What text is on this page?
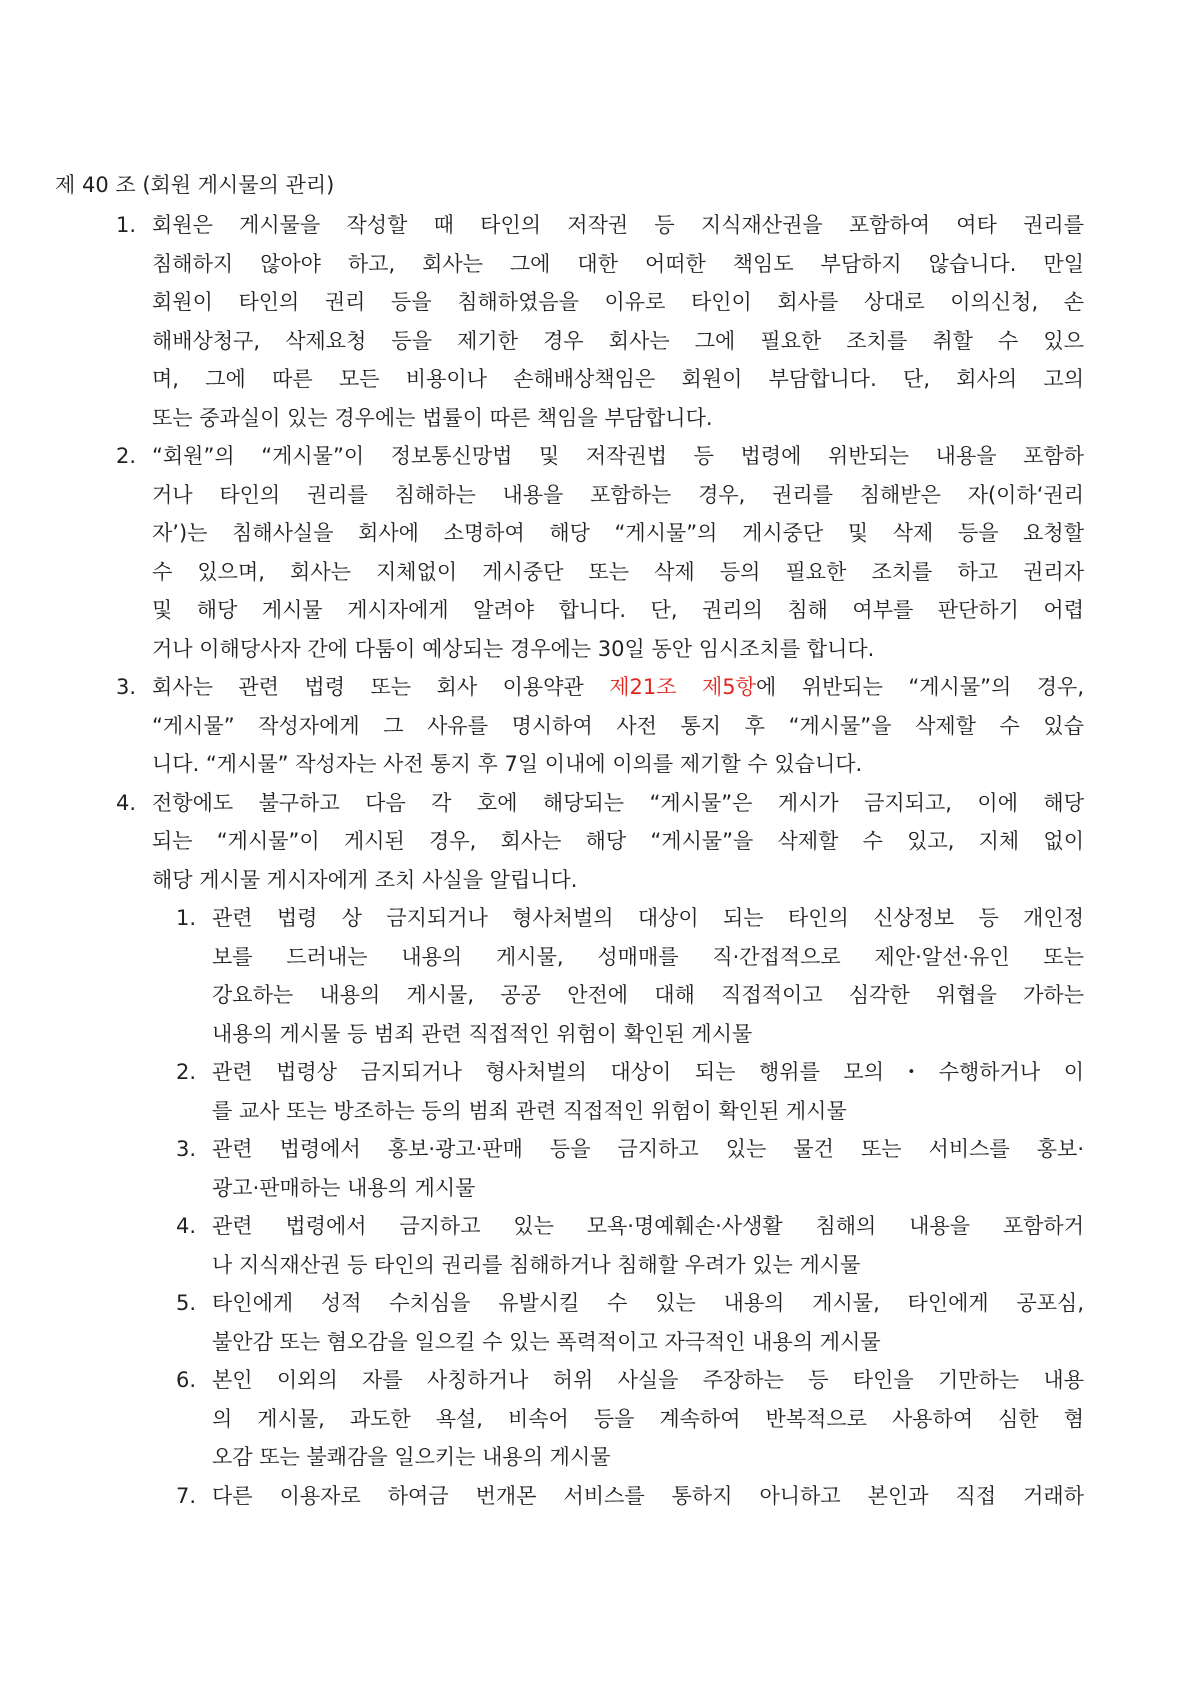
제 40 조 (회원 게시물의 관리)
1. 회원은 게시물을 작성할 때 타인의 저작권 등 지식재산권을 포함하여 여타 권리를
침해하지 않아야 하고, 회사는 그에 대한 어떠한 책임도 부담하지 않습니다. 만일
회원이 타인의 권리 등을 침해하였음을 이유로 타인이 회사를 상대로 이의신청, 손
해배상청구, 삭제요청 등을 제기한 경우 회사는 그에 필요한 조치를 취할 수 있으
며, 그에 따른 모든 비용이나 손해배상책임은 회원이 부담합니다. 단, 회사의 고의
또는 중과실이 있는 경우에는 법률이 따른 책임을 부담합니다.
2. “회원”의 “게시물”이 정보통신망법 및 저작권법 등 법령에 위반되는 내용을 포함하
거나 타인의 권리를 침해하는 내용을 포함하는 경우, 권리를 침해받은 자(이하‘권리
자’)는 침해사실을 회사에 소명하여 해당 “게시물”의 게시중단 및 삭제 등을 요청할
수 있으며, 회사는 지체없이 게시중단 또는 삭제 등의 필요한 조치를 하고 권리자
및 해당 게시물 게시자에게 알려야 합니다. 단, 권리의 침해 여부를 판단하기 어렵
거나 이해당사자 간에 다툼이 예상되는 경우에는 30일 동안 임시조치를 합니다.
3. 회사는 관련 법령 또는 회사 이용약관 제21조 제5항에 위반되는 “게시물”의 경우,
“게시물” 작성자에게 그 사유를 명시하여 사전 통지 후 “게시물”을 삭제할 수 있습
니다. “게시물” 작성자는 사전 통지 후 7일 이내에 이의를 제기할 수 있습니다.
4. 전항에도 불구하고 다음 각 호에 해당되는 “게시물”은 게시가 금지되고, 이에 해당
되는 “게시물”이 게시된 경우, 회사는 해당 “게시물”을 삭제할 수 있고, 지체 없이
해당 게시물 게시자에게 조치 사실을 알립니다.
1. 관련 법령 상 금지되거나 형사처벌의 대상이 되는 타인의 신상정보 등 개인정
보를 드러내는 내용의 게시물, 성매매를 직·간접적으로 제안·알선·유인 또는
강요하는 내용의 게시물, 공공 안전에 대해 직접적이고 심각한 위협을 가하는
내용의 게시물 등 범죄 관련 직접적인 위험이 확인된 게시물
2. 관련 법령상 금지되거나 형사처벌의 대상이 되는 행위를 모의・수행하거나 이
를 교사 또는 방조하는 등의 범죄 관련 직접적인 위험이 확인된 게시물
3. 관련 법령에서 홍보·광고·판매 등을 금지하고 있는 물건 또는 서비스를 홍보·
광고·판매하는 내용의 게시물
4. 관련 법령에서 금지하고 있는 모욕·명예훼손·사생활 침해의 내용을 포함하거
나 지식재산권 등 타인의 권리를 침해하거나 침해할 우려가 있는 게시물
5. 타인에게 성적 수치심을 유발시킬 수 있는 내용의 게시물, 타인에게 공포심,
불안감 또는 혐오감을 일으킬 수 있는 폭력적이고 자극적인 내용의 게시물
6. 본인 이외의 자를 사칭하거나 허위 사실을 주장하는 등 타인을 기만하는 내용
의 게시물, 과도한 욕설, 비속어 등을 계속하여 반복적으로 사용하여 심한 혐
오감 또는 불쾌감을 일으키는 내용의 게시물
7. 다른 이용자로 하여금 번개몬 서비스를 통하지 아니하고 본인과 직접 거래하
